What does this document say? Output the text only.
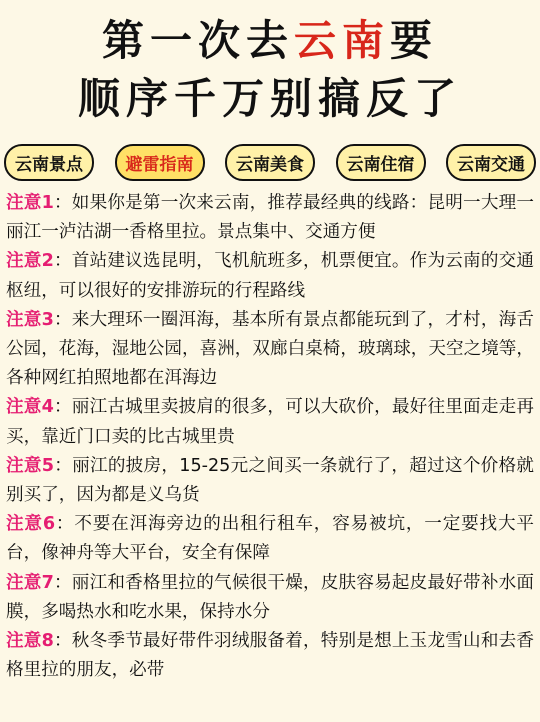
第一次去云南要
顺序千万别搞反了
云南景点	避雷指南	云南美食	云南住宿	云南交通

注意1：如果你是第一次来云南，推荐最经典的线路：昆明一大理一丽江一泸沽湖一香格里拉。景点集中、交通方便

注意2：首站建议选昆明，飞机航班多，机票便宜。作为云南的交通枢纽，可以很好的安排游玩的行程路线

注意3：来大理环一圈洱海，基本所有景点都能玩到了，才村，海舌公园，花海，湿地公园，喜洲，双廊白桌椅，玻璃球，天空之境等，各种网红拍照地都在洱海边

注意4：丽江古城里卖披肩的很多，可以大砍价，最好往里面走走再买，靠近门口卖的比古城里贵

注意5：丽江的披房，15-25元之间买一条就行了，超过这个价格就别买了，因为都是义乌货

注意6：不要在洱海旁边的出租行租车，容易被坑，一定要找大平台，像神舟等大平台，安全有保障

注意7：丽江和香格里拉的气候很干燥，皮肤容易起皮最好带补水面膜，多喝热水和吃水果，保持水分

注意8：秋冬季节最好带件羽绒服备着，特别是想上玉龙雪山和去香格里拉的朋友，必带
